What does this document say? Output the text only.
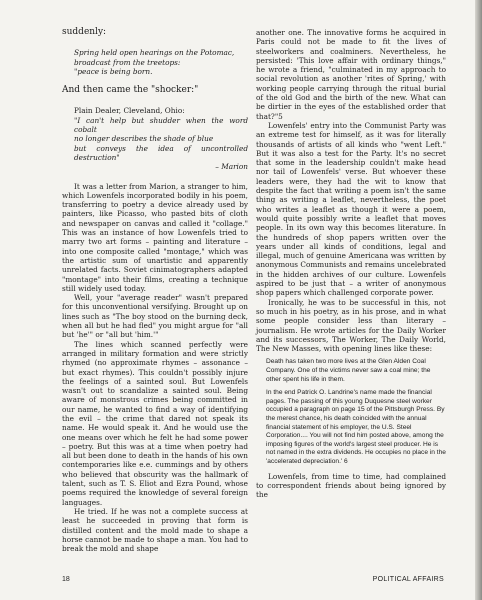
suddenly:

Spring held open hearings on the Potomac,

broadcast from the treetops:

"peace is being born.

And then came the "shocker:"

Plain Dealer, Cleveland, Ohio:

"I can't help but shudder when the word cobalt

no longer describes the shade of blue

but conveys the idea of uncontrolled destruction"

– Marion

It was a letter from Marion, a stranger to him, which Lowenfels incorporated bodily in his poem, transferring to poetry a device already used by painters, like Picasso, who pasted bits of cloth and newspaper on canvas and called it "collage." This was an instance of how Lowenfels tried to marry two art forms – painting and literature – into one composite called "montage," which was the artistic sum of unartistic and apparently unrelated facts. Soviet cinimatographers adapted "montage" into their films, creating a technique still widely used today.

Well, your "average reader" wasn't prepared for this unconventional versifying. Brought up on lines such as "The boy stood on the burning deck, when all but he had fled" you might argue for "all but 'he'" or "all but 'him.'"

The lines which scanned perfectly were arranged in military formation and were strictly rhymed (no approximate rhymes – assonance – but exact rhymes). This couldn't possibly injure the feelings of a sainted soul. But Lowenfels wasn't out to scandalize a sainted soul. Being aware of monstrous crimes being committed in our name, he wanted to find a way of identifying the evil – the crime that dared not speak its name. He would speak it. And he would use the one means over which he felt he had some power – poetry. But this was at a time when poetry had all but been done to death in the hands of his own contemporaries like e.e. cummings and by others who believed that obscurity was the hallmark of talent, such as T. S. Eliot and Ezra Pound, whose poems required the knowledge of several foreign languages.

He tried. If he was not a complete success at least he succeeded in proving that form is distilled content and the mold made to shape a horse cannot be made to shape a man. You had to break the mold and shape

another one. The innovative forms he acquired in Paris could not be made to fit the lives of steelworkers and coalminers. Nevertheless, he persisted: 'This love affair with ordinary things," he wrote a friend, "culminated in my approach to social revolution as another 'rites of Spring,' with working people carrying through the ritual burial of the old God and the birth of the new. What can be dirtier in the eyes of the established order that that?"5

Lowenfels' entry into the Communist Party was an extreme test for himself, as it was for literally thousands of artists of all kinds who "went Left." But it was also a test for the Party. It's no secret that some in the leadership couldn't make head nor tail of Lowenfels' verse. But whoever these leaders were, they had the wit to know that despite the fact that writing a poem isn't the same thing as writing a leaflet, nevertheless, the poet who writes a leaflet as though it were a poem, would quite possibly write a leaflet that moves people. In its own way this becomes literature. In the hundreds of shop papers written over the years under all kinds of conditions, legal and illegal, much of genuine Americana was written by anonymous Communists and remains uncelebrated in the hidden archives of our culture. Lowenfels aspired to be just that – a writer of anonymous shop papers which challenged corporate power.

Ironically, he was to be successful in this, not so much in his poetry, as in his prose, and in what some people consider less than literary – journalism. He wrote articles for the Daily Worker and its successors, The Worker, The Daily World, The New Masses, with opening lines like these:

Death has taken two more lives at the Glen Alden Coal Company. One of the victims never saw a coal mine; the other spent his life in them.

In the end Patrick O. Landrine's name made the financial pages. The passing of this young Duquesne steel worker occupied a paragraph on page 15 of the Pittsburgh Press. By the merest chance, his death coincided with the annual financial statement of his employer, the U.S. Steel Corporation.... You will not find him posted above, among the imposing figures of the world's largest steel producer. He is not named in the extra dividends. He occupies no place in the 'accelerated depreciation.' 6

Lowenfels, from time to time, had complained to correspondent friends about being ignored by the

18	POLITICAL AFFAIRS
